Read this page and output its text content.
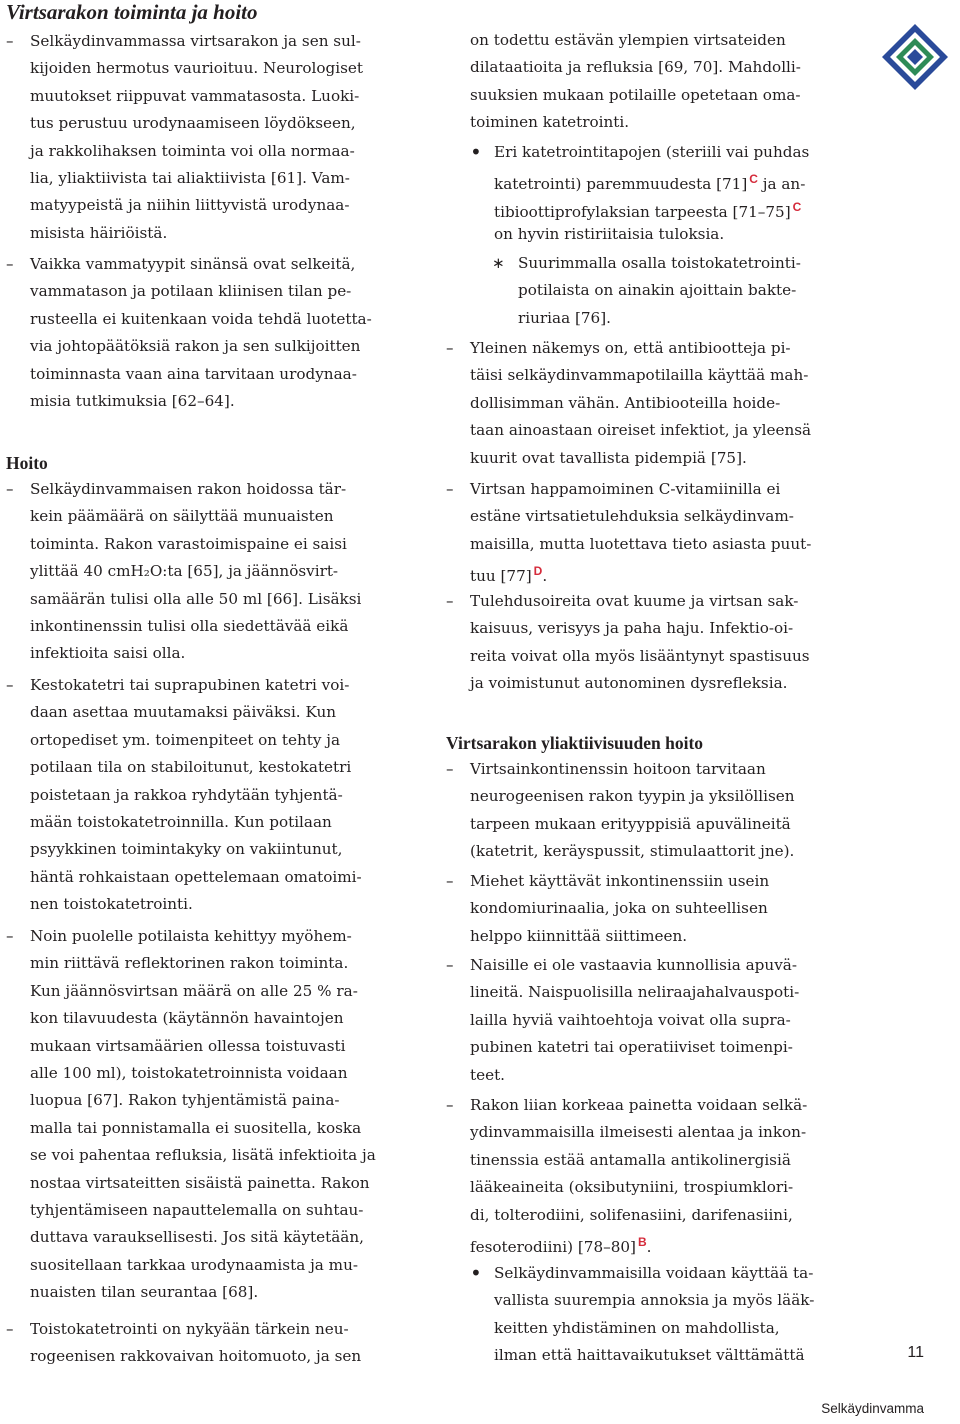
Virtsarakon toiminta ja hoito
–	Selkäydinvammassa virtsarakon ja sen sul-
kijoiden hermotus vaurioituu. Neurologiset
muutokset riippuvat vammatasosta. Luoki-
tus perustuu urodynaamiseen löydökseen,
ja rakkolihaksen toiminta voi olla normaa-
lia, yliaktiivista tai aliaktiivista [61]. Vam-
matyypeistä ja niihin liittyvistä urodynaa-
misista häiriöistä.
–	Vaikka vammatyypit sinänsä ovat selkeitä,
vammatason ja potilaan kliinisen tilan pe-
rusteella ei kuitenkaan voida tehdä luotetta-
via johtopäätöksiä rakon ja sen sulkijoitten
toiminnasta vaan aina tarvitaan urodynaa-
misia tutkimuksia [62–64].
Hoito
–	Selkäydinvammaisen rakon hoidossa tär-
kein päämäärä on säilyttää munuaisten
toiminta. Rakon varastoimispaine ei saisi
ylittää 40 cmH₂O:ta [65], ja jäännösvirt-
samäärän tulisi olla alle 50 ml [66]. Lisäksi
inkontinenssin tulisi olla siedettävää eikä
infektioita saisi olla.
–	Kestokatetri tai suprapubinen katetri voi-
daan asettaa muutamaksi päiväksi. Kun
ortopediset ym. toimenpiteet on tehty ja
potilaan tila on stabiloitunut, kestokatetri
poistetaan ja rakkoa ryhdytään tyhjentä-
mään toistokatetroinnilla. Kun potilaan
psyykkinen toimintakyky on vakiintunut,
häntä rohkaistaan opettelemaan omatoimi-
nen toistokatetrointi.
–	Noin puolelle potilaista kehittyy myöhem-
min riittävä reflektorinen rakon toiminta.
Kun jäännösvirtsan määrä on alle 25 % ra-
kon tilavuudesta (käytännön havaintojen
mukaan virtsamäärien ollessa toistuvasti
alle 100 ml), toistokatetroinnista voidaan
luopua [67]. Rakon tyhjentämistä paina-
malla tai ponnistamalla ei suositella, koska
se voi pahentaa refluksia, lisätä infektioita ja
nostaa virtsateitten sisäistä painetta. Rakon
tyhjentämiseen napauttelemalla on suhtau-
duttava varauksellisesti. Jos sitä käytetään,
suositellaan tarkkaa urodynaamista ja mu-
nuaisten tilan seurantaa [68].
–	Toistokatetrointi on nykyään tärkein neu-
rogeenisen rakkovaivan hoitomuoto, ja sen
on todettu estävän ylempien virtsateiden
dilataatioita ja refluksia [69, 70]. Mahdolli-
suuksien mukaan potilaille opetetaan oma-
toiminen katetrointi.
• Eri katetrointitapojen (steriili vai puhdas
katetrointi) paremmuudesta [71] $^C$ ja an-
tibioottiprofylaksian tarpeesta [71–75] $^C$
on hyvin ristiriitaisia tuloksia.
∗ Suurimmalla osalla toistokatetrointi-
potilaista on ainakin ajoittain bakte-
riuriaa [76].
–	Yleinen näkemys on, että antibiootteja pi-
täisi selkäydinvammapotilailla käyttää mah-
dollisimman vähän. Antibiooteilla hoide-
taan ainoastaan oireiset infektiot, ja yleensä
kuurit ovat tavallista pidempiä [75].
–	Virtsan happamoiminen C-vitamiinilla ei
estäne virtsatietulehduksia selkäydinvam-
maisilla, mutta luotettava tieto asiasta puut-
tuu [77] $^D$.
–	Tulehdusoireita ovat kuume ja virtsan sak-
kaisuus, verisyys ja paha haju. Infektio-oi-
reita voivat olla myös lisääntynyt spastisuus
ja voimistunut autonominen dysrefleksia.
Virtsarakon yliaktiivisuuden hoito
–	Virtsainkontinenssin hoitoon tarvitaan
neurogeenisen rakon tyypin ja yksilöllisen
tarpeen mukaan erityyppisiä apuvälineitä
(katetrit, keräyspussit, stimulaattorit jne).
–	Miehet käyttävät inkontinenssiin usein
kondomiurinaalia, joka on suhteellisen
helppo kiinnittää siittimeen.
–	Naisille ei ole vastaavia kunnollisia apuvä-
lineitä. Naispuolisilla neliraajahalvauspoti-
lailla hyviä vaihtoehtoja voivat olla supra-
pubinen katetri tai operatiiviset toimenpi-
teet.
–	Rakon liian korkeaa painetta voidaan selkä-
ydinvammaisilla ilmeisesti alentaa ja inkon-
tinenssia estää antamalla antikolinergisiä
lääkeaineita (oksibutyniini, trospiumklori-
di, tolterodiini, solifenasiini, darifenasiini,
fesoterodiini) [78–80] $^B$.
• Selkäydinvammaisilla voidaan käyttää ta-
vallista suurempia annoksia ja myös lääk-
keitten yhdistäminen on mahdollista,
ilman että haittavaikutukset välttämättä	11
Selkäydinvamma
